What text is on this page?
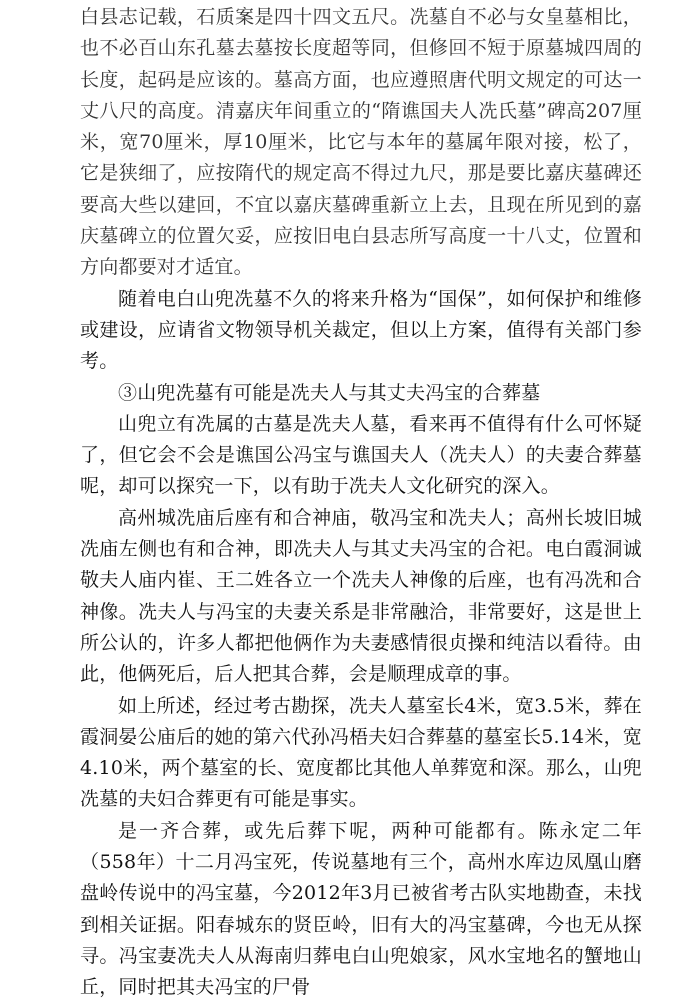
白县志记载，石质案是四十四文五尺。冼墓自不必与女皇墓相比，也不必百山东孔墓去墓按长度超等同，但修回不短于原墓城四周的长度，起码是应该的。墓高方面，也应遵照唐代明文规定的可达一丈八尺的高度。清嘉庆年间重立的“隋谯国夫人冼氏墓”碑高207厘米，宽70厘米，厚10厘米，比它与本年的墓属年限对接，松了，它是狭细了，应按隋代的规定高不得过九尺，那是要比嘉庆墓碑还要高大些以建回，不宜以嘉庆墓碑重新立上去，且现在所见到的嘉庆墓碑立的位置欠妥，应按旧电白县志所写高度一十八丈，位置和方向都要对才适宜。

随着电白山兜冼墓不久的将来升格为“国保”，如何保护和维修或建设，应请省文物领导机关裁定，但以上方案，值得有关部门参考。

③山兜冼墓有可能是冼夫人与其丈夫冯宝的合葬墓

山兜立有冼属的古墓是冼夫人墓，看来再不值得有什么可怀疑了，但它会不会是谯国公冯宝与谯国夫人（冼夫人）的夫妻合葬墓呢，却可以探究一下，以有助于冼夫人文化研究的深入。

高州城冼庙后座有和合神庙，敬冯宝和冼夫人；高州长坡旧城冼庙左侧也有和合神，即冼夫人与其丈夫冯宝的合祀。电白霞洞诚敬夫人庙内崔、王二姓各立一个冼夫人神像的后座，也有冯冼和合神像。冼夫人与冯宝的夫妻关系是非常融洽，非常要好，这是世上所公认的，许多人都把他俩作为夫妻感情很贞操和纯洁以看待。由此，他俩死后，后人把其合葬，会是顺理成章的事。

如上所述，经过考古勘探，冼夫人墓室长4米，宽3.5米，葬在霞洞晏公庙后的她的第六代孙冯梧夫妇合葬墓的墓室长5.14米，宽4.10米，两个墓室的长、宽度都比其他人单葬宽和深。那么，山兜冼墓的夫妇合葬更有可能是事实。

是一齐合葬，或先后葬下呢，两种可能都有。陈永定二年（558年）十二月冯宝死，传说墓地有三个，高州水库边凤凰山磨盘岭传说中的冯宝墓，今2012年3月已被省考古队实地勘查，未找到相关证据。阳春城东的贤臣岭，旧有大的冯宝墓碑，今也无从探寻。冯宝妻冼夫人从海南归葬电白山兜娘家，风水宝地名的蟹地山丘，同时把其夫冯宝的尸骨
